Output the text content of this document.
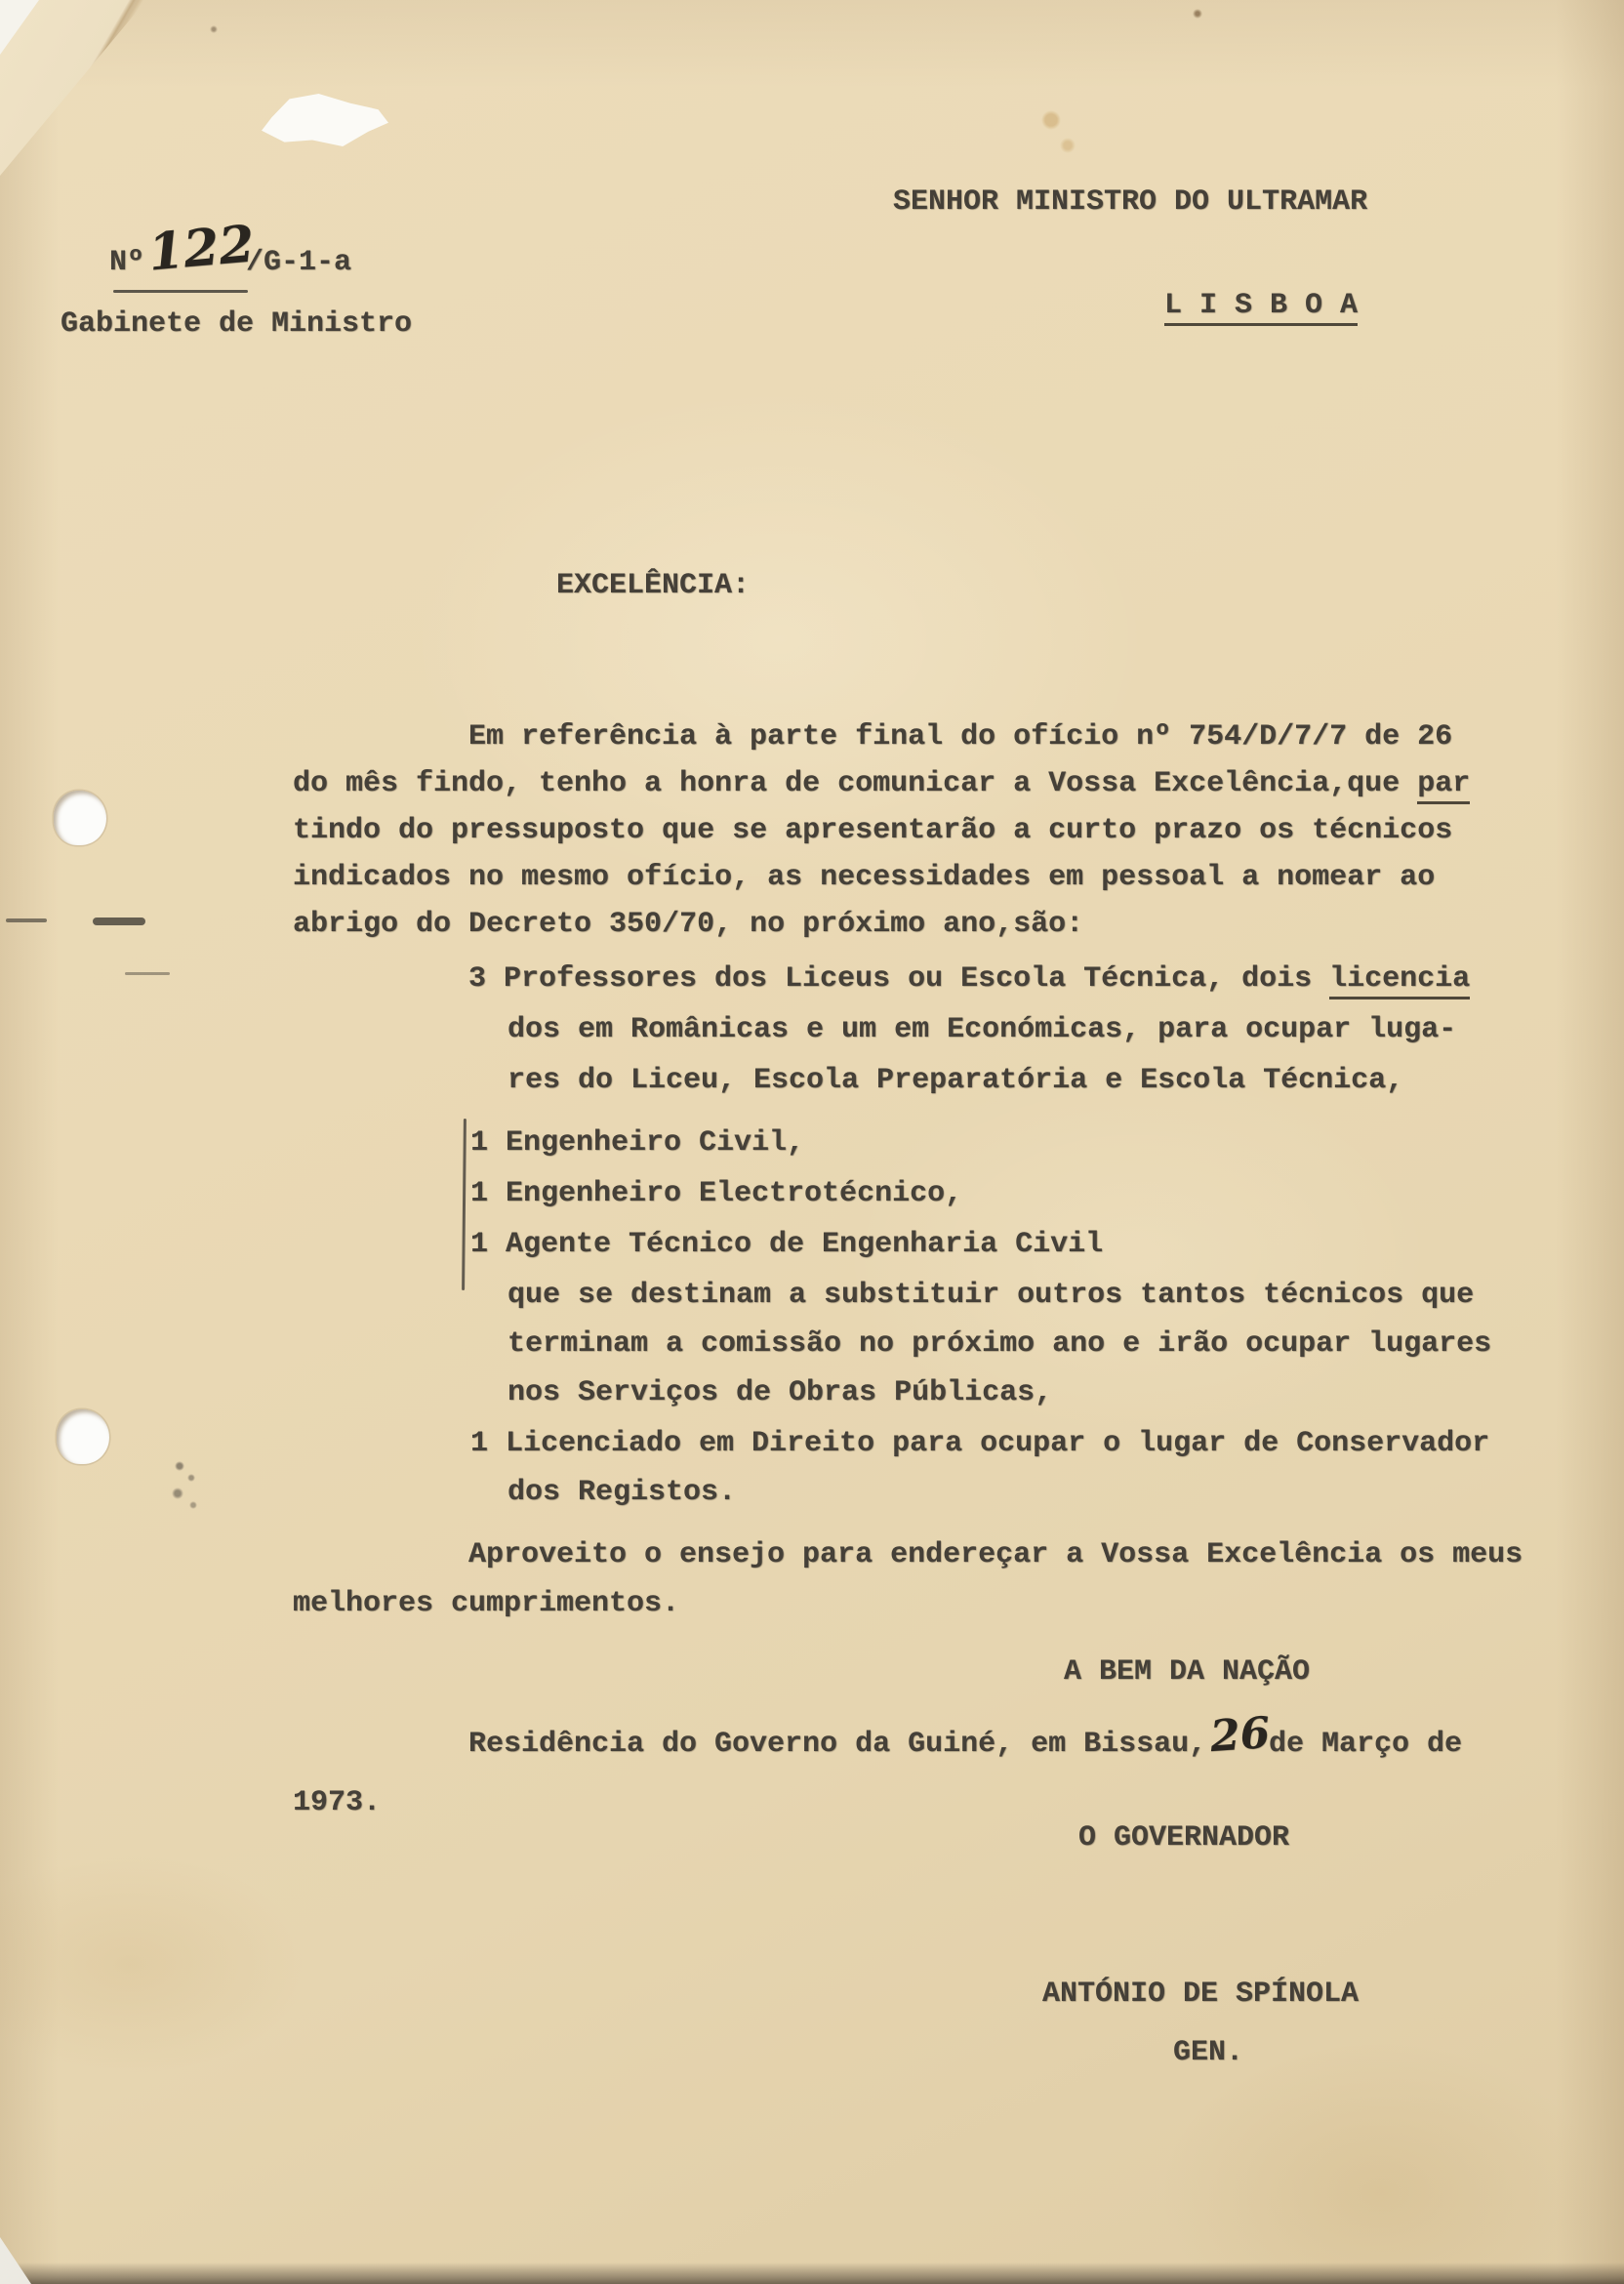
Nº 122
/G-1-a
Gabinete de Ministro
SENHOR MINISTRO DO ULTRAMAR
L I S B O A
EXCELÊNCIA:
Em referência à parte final do ofício nº 754/D/7/7 de 26
do mês findo, tenho a honra de comunicar a Vossa Excelência,que par
tindo do pressuposto que se apresentarão a curto prazo os técnicos
indicados no mesmo ofício, as necessidades em pessoal a nomear ao
abrigo do Decreto 350/70, no próximo ano,são:
3 Professores dos Liceus ou Escola Técnica, dois licencia
dos em Românicas e um em Económicas, para ocupar luga-
res do Liceu, Escola Preparatória e Escola Técnica,
1 Engenheiro Civil,
1 Engenheiro Electrotécnico,
1 Agente Técnico de Engenharia Civil
que se destinam a substituir outros tantos técnicos que
terminam a comissão no próximo ano e irão ocupar lugares
nos Serviços de Obras Públicas,
1 Licenciado em Direito para ocupar o lugar de Conservador
dos Registos.
Aproveito o ensejo para endereçar a Vossa Excelência os meus
melhores cumprimentos.
A BEM DA NAÇÃO
Residência do Governo da Guiné, em Bissau, 26
de Março de
1973.
O GOVERNADOR
ANTÓNIO DE SPÍNOLA
GEN.
